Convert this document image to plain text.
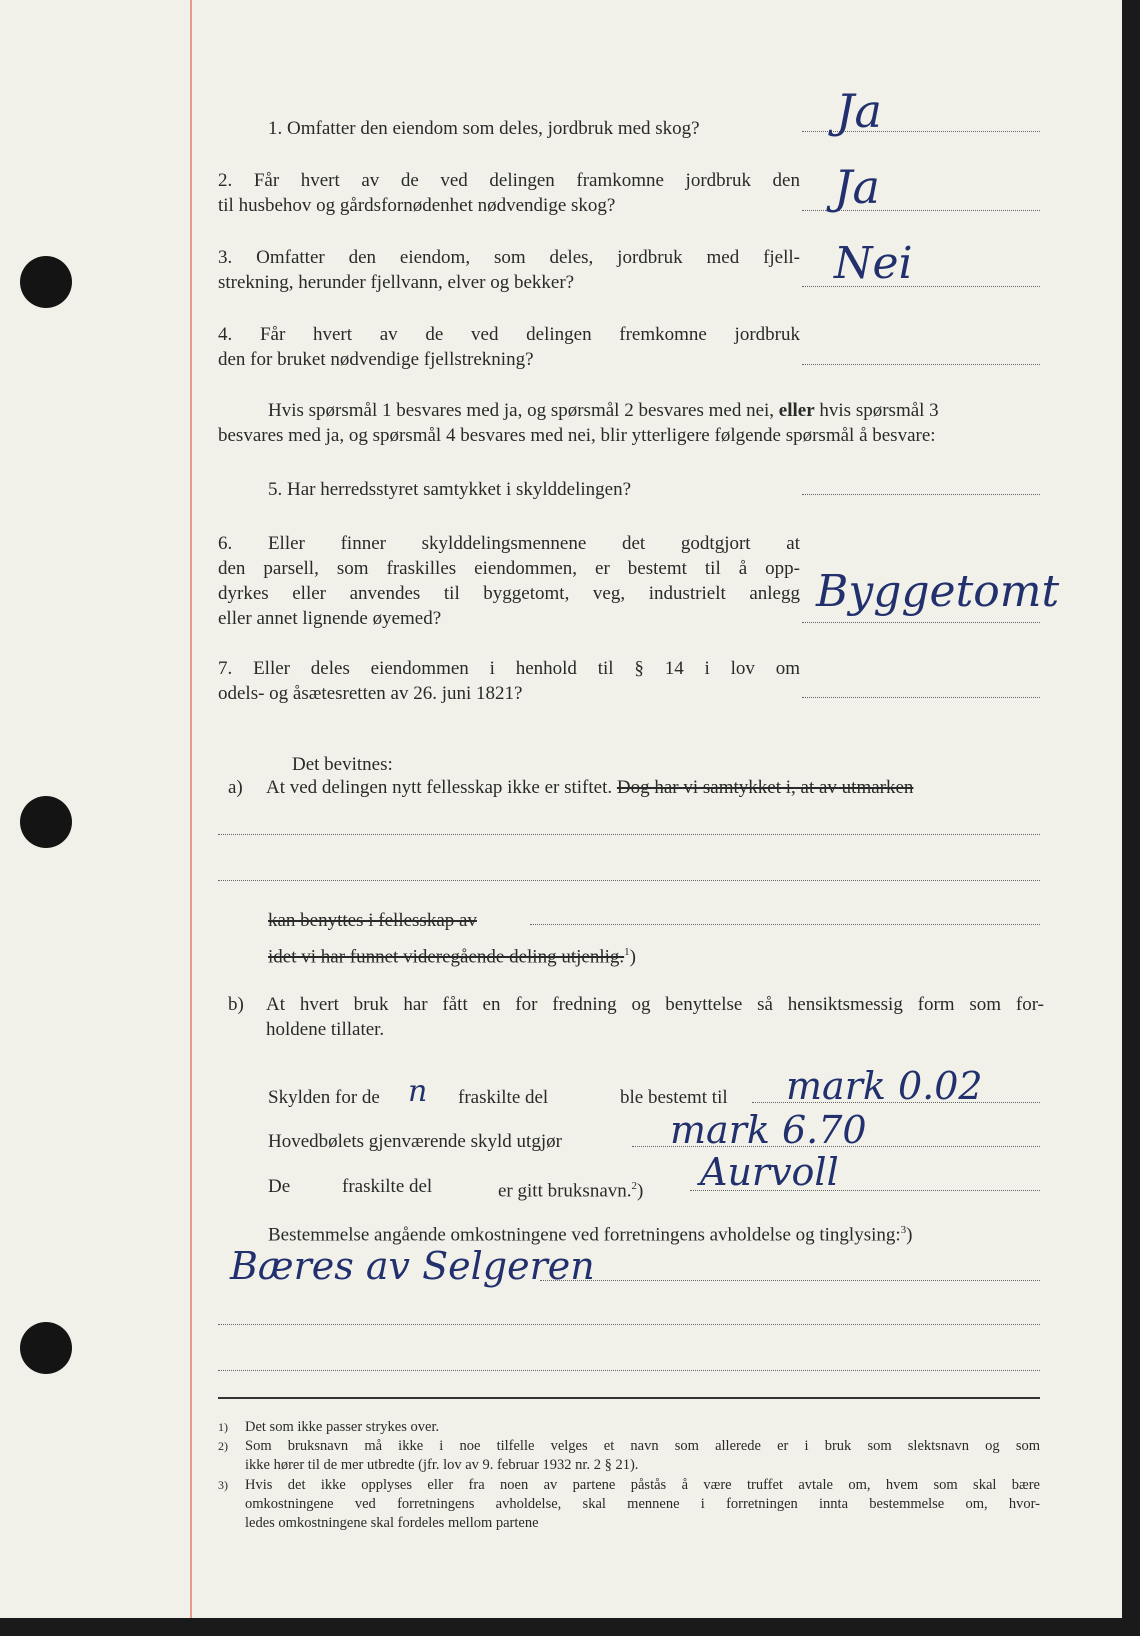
1. Omfatter den eiendom som deles, jordbruk med skog?	Ja
2. Får hvert av de ved delingen framkomne jordbruk den
til husbehov og gårdsfornødenhet nødvendige skog?	Ja
3. Omfatter den eiendom, som deles, jordbruk med fjell-
strekning, herunder fjellvann, elver og bekker?	Nei
4. Får hvert av de ved delingen fremkomne jordbruk
den for bruket nødvendige fjellstrekning?
Hvis spørsmål 1 besvares med ja, og spørsmål 2 besvares med nei, eller hvis spørsmål 3
besvares med ja, og spørsmål 4 besvares med nei, blir ytterligere følgende spørsmål å besvare:
5. Har herredsstyret samtykket i skylddelingen?
6. Eller finner skylddelingsmennene det godtgjort at
den parsell, som fraskilles eiendommen, er bestemt til å opp-
dyrkes eller anvendes til byggetomt, veg, industrielt anlegg
eller annet lignende øyemed?
Byggetomt
7. Eller deles eiendommen i henhold til § 14 i lov om
odels- og åsætesretten av 26. juni 1821?
Det bevitnes:
a) At ved delingen nytt fellesskap ikke er stiftet. Dog har vi samtykket i, at av utmarken
kan benyttes i fellesskap av
idet vi har funnet videregående deling utjenlig.$^1$)
b) At hvert bruk har fått en for fredning og benyttelse så hensiktsmessig form som for-
holdene tillater.
Skylden for de n fraskilte del	ble bestemt til mark 0.02
Hovedbølets gjenværende skyld utgjør	mark 6.70
De	fraskilte del	er gitt bruksnavn.$^2$) Aurvoll
Bestemmelse angående omkostningene ved forretningens avholdelse og tinglysing:$^3$)
Bæres av Selgeren
1) Det som ikke passer strykes over.
2) Som bruksnavn må ikke i noe tilfelle velges et navn som allerede er i bruk som slektsnavn og som
ikke hører til de mer utbredte (jfr. lov av 9. februar 1932 nr. 2 § 21).
3) Hvis det ikke opplyses eller fra noen av partene påstås å være truffet avtale om, hvem som skal bære
omkostningene ved forretningens avholdelse, skal mennene i forretningen innta bestemmelse om, hvor-
ledes omkostningene skal fordeles mellom partene
